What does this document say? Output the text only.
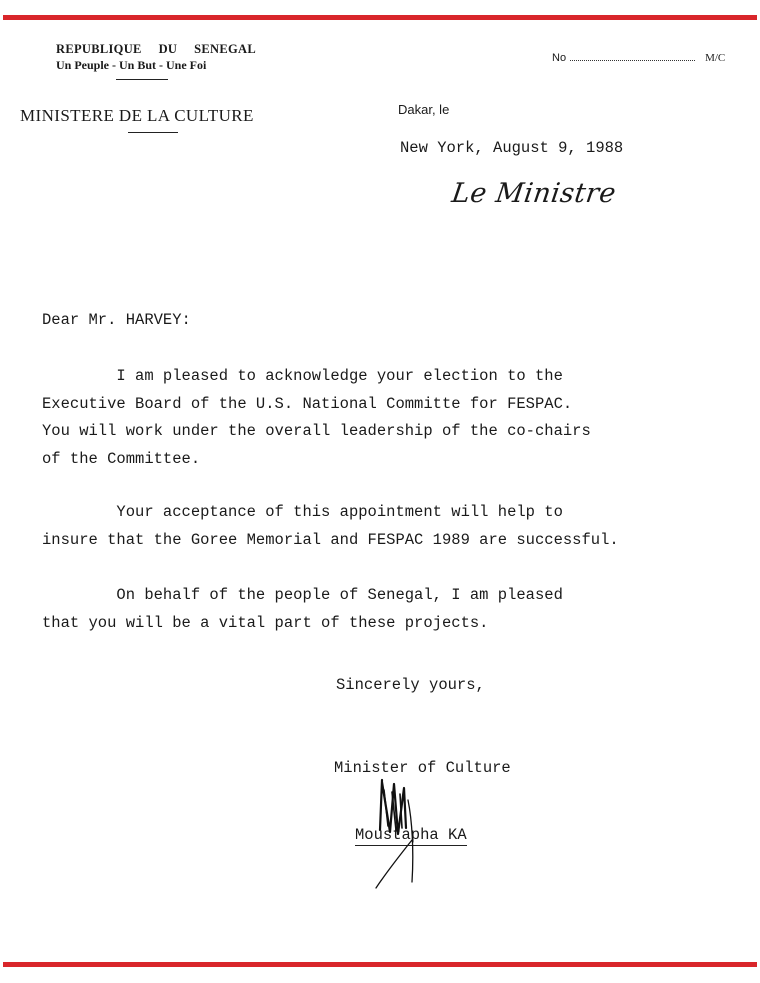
REPUBLIQUE DU SENEGAL
Un Peuple - Un But - Une Foi
MINISTERE DE LA CULTURE
No	M/C
Dakar, le
New York, August 9, 1988
Le Ministre
Dear Mr. HARVEY:
I am pleased to acknowledge your election to the
Executive Board of the U.S. National Committe for FESPAC.
You will work under the overall leadership of the co-chairs
of the Committee.
Your acceptance of this appointment will help to
insure that the Goree Memorial and FESPAC 1989 are successful.
On behalf of the people of Senegal, I am pleased
that you will be a vital part of these projects.
Sincerely yours,
Minister of Culture
Moustapha KA
